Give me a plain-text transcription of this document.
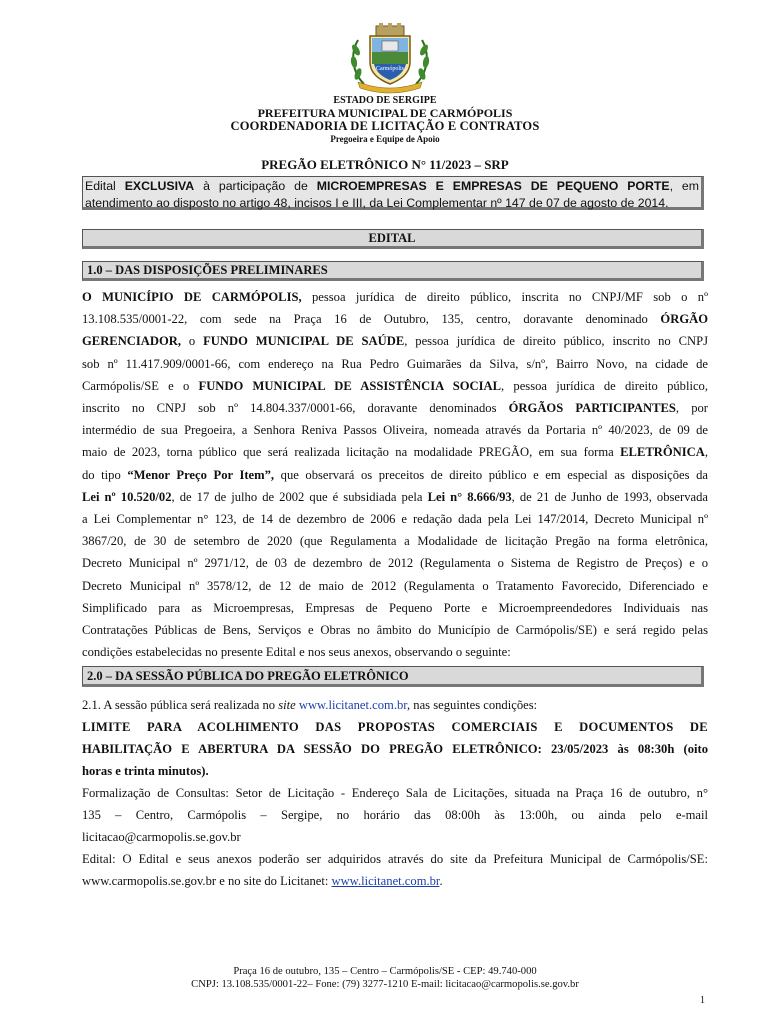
Carmópolis
ESTADO DE SERGIPE
PREFEITURA MUNICIPAL DE CARMÓPOLIS
COORDENADORIA DE LICITAÇÃO E CONTRATOS
Pregoeira e Equipe de Apoio
PREGÃO ELETRÔNICO N° 11/2023 – SRP

Edital EXCLUSIVA à participação de MICROEMPRESAS E EMPRESAS DE PEQUENO PORTE, em

atendimento ao disposto no artigo 48, incisos I e III, da Lei Complementar nº 147 de 07 de agosto de 2014.

EDITAL
1.0 – DAS DISPOSIÇÕES PRELIMINARES
O MUNICÍPIO DE CARMÓPOLIS, pessoa jurídica de direito público, inscrita no CNPJ/MF sob o nº
13.108.535/0001-22, com sede na Praça 16 de Outubro, 135, centro, doravante denominado ÓRGÃO
GERENCIADOR, o FUNDO MUNICIPAL DE SAÚDE, pessoa jurídica de direito público, inscrito no CNPJ
sob nº 11.417.909/0001-66, com endereço na Rua Pedro Guimarães da Silva, s/nº, Bairro Novo, na cidade de
Carmópolis/SE e o FUNDO MUNICIPAL DE ASSISTÊNCIA SOCIAL, pessoa jurídica de direito público,
inscrito no CNPJ sob nº 14.804.337/0001-66, doravante denominados ÓRGÃOS PARTICIPANTES, por
intermédio de sua Pregoeira, a Senhora Reniva Passos Oliveira, nomeada através da Portaria nº 40/2023, de 09 de
maio de 2023, torna público que será realizada licitação na modalidade PREGÃO, em sua forma ELETRÔNICA,
do tipo “Menor Preço Por Item”, que observará os preceitos de direito público e em especial as disposições da
Lei nº 10.520/02, de 17 de julho de 2002 que é subsidiada pela Lei n° 8.666/93, de 21 de Junho de 1993, observada
a Lei Complementar n° 123, de 14 de dezembro de 2006 e redação dada pela Lei 147/2014, Decreto Municipal nº
3867/20, de 30 de setembro de 2020 (que Regulamenta a Modalidade de licitação Pregão na forma eletrônica,
Decreto Municipal nº 2971/12, de 03 de dezembro de 2012 (Regulamenta o Sistema de Registro de Preços) e o
Decreto Municipal nº 3578/12, de 12 de maio de 2012 (Regulamenta o Tratamento Favorecido, Diferenciado e
Simplificado para as Microempresas, Empresas de Pequeno Porte e Microempreendedores Individuais nas
Contratações Públicas de Bens, Serviços e Obras no âmbito do Município de Carmópolis/SE) e será regido pelas
condições estabelecidas no presente Edital e nos seus anexos, observando o seguinte:
2.0 – DA SESSÃO PÚBLICA DO PREGÃO ELETRÔNICO
2.1. A sessão pública será realizada no site www.licitanet.com.br, nas seguintes condições:
LIMITE PARA ACOLHIMENTO DAS PROPOSTAS COMERCIAIS E DOCUMENTOS DE
HABILITAÇÃO E ABERTURA DA SESSÃO DO PREGÃO ELETRÔNICO: 23/05/2023 às 08:30h (oito
horas e trinta minutos).
Formalização de Consultas: Setor de Licitação - Endereço Sala de Licitações, situada na Praça 16 de outubro, n°
135 – Centro, Carmópolis – Sergipe, no horário das 08:00h às 13:00h, ou ainda pelo e-mail
licitacao@carmopolis.se.gov.br
Edital: O Edital e seus anexos poderão ser adquiridos através do site da Prefeitura Municipal de Carmópolis/SE:
www.carmopolis.se.gov.br e no site do Licitanet: www.licitanet.com.br.
Praça 16 de outubro, 135 – Centro – Carmópolis/SE - CEP: 49.740-000
CNPJ: 13.108.535/0001-22– Fone: (79) 3277-1210 E-mail: licitacao@carmopolis.se.gov.br
1
